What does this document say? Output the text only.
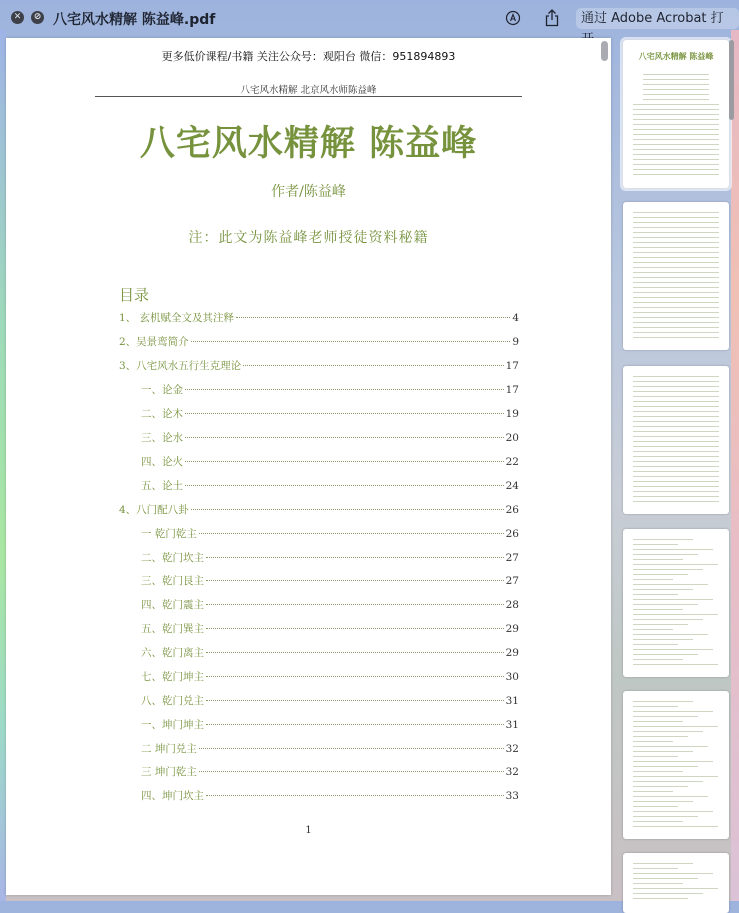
✕ ⊘ 八宅风水精解 陈益峰.pdf	通过 Adobe Acrobat 打
更多低价课程/书籍 关注公众号：观阳台 微信：951894893
八宅风水精解 北京风水师陈益峰
八宅风水精解 陈益峰
作者/陈益峰
注：此文为陈益峰老师授徒资料秘籍
目录
1、 玄机赋全文及其注释	4
2、吴景鸾简介	9
3、八宅风水五行生克理论	17
一、论金	17
二、论木	19
三、论水	20
四、论火	22
五、论土	24
4、八门配八卦	26
一 乾门乾主	26
二、乾门坎主	27
三、乾门艮主	27
四、乾门震主	28
五、乾门巽主	29
六、乾门离主	29
七、乾门坤主	30
八、乾门兑主	31
一、坤门坤主	31
二 坤门兑主	32
三 坤门乾主	32
四、坤门坎主	33
1
八宅风水精解 陈益峰
